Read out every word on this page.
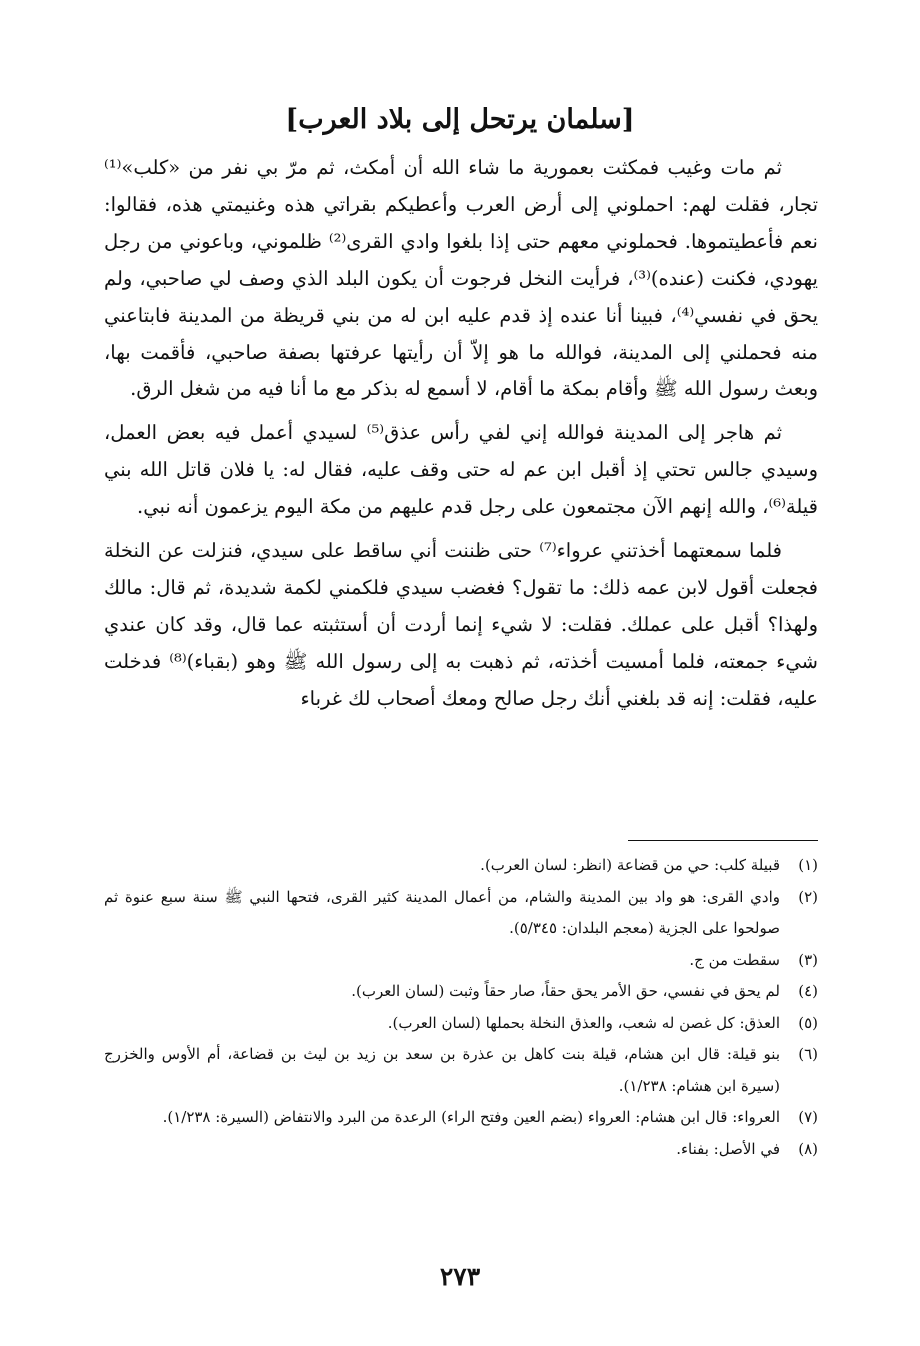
[سلمان يرتحل إلى بلاد العرب]

ثم مات وغيب فمكثت بعمورية ما شاء الله أن أمكث، ثم مرّ بي نفر من «كلب»⁽¹⁾ تجار، فقلت لهم: احملوني إلى أرض العرب وأعطيكم بقراتي هذه وغنيمتي هذه، فقالوا: نعم فأعطيتموها. فحملوني معهم حتى إذا بلغوا وادي القرى⁽²⁾ ظلموني، وباعوني من رجل يهودي، فكنت (عنده)⁽³⁾، فرأيت النخل فرجوت أن يكون البلد الذي وصف لي صاحبي، ولم يحق في نفسي⁽⁴⁾، فبينا أنا عنده إذ قدم عليه ابن له من بني قريظة من المدينة فابتاعني منه فحملني إلى المدينة، فوالله ما هو إلاّ أن رأيتها عرفتها بصفة صاحبي، فأقمت بها، وبعث رسول الله ﷺ وأقام بمكة ما أقام، لا أسمع له بذكر مع ما أنا فيه من شغل الرق.

ثم هاجر إلى المدينة فوالله إني لفي رأس عذق⁽⁵⁾ لسيدي أعمل فيه بعض العمل، وسيدي جالس تحتي إذ أقبل ابن عم له حتى وقف عليه، فقال له: يا فلان قاتل الله بني قيلة⁽⁶⁾، والله إنهم الآن مجتمعون على رجل قدم عليهم من مكة اليوم يزعمون أنه نبي.

فلما سمعتهما أخذتني عرواء⁽⁷⁾ حتى ظننت أني ساقط على سيدي، فنزلت عن النخلة فجعلت أقول لابن عمه ذلك: ما تقول؟ فغضب سيدي فلكمني لكمة شديدة، ثم قال: مالك ولهذا؟ أقبل على عملك. فقلت: لا شيء إنما أردت أن أستثبته عما قال، وقد كان عندي شيء جمعته، فلما أمسيت أخذته، ثم ذهبت به إلى رسول الله ﷺ وهو (بقباء)⁽⁸⁾ فدخلت عليه، فقلت: إنه قد بلغني أنك رجل صالح ومعك أصحاب لك غرباء

(١)
قبيلة كلب: حي من قضاعة (انظر: لسان العرب).
(٢)
وادي القرى: هو واد بين المدينة والشام، من أعمال المدينة كثير القرى، فتحها النبي ﷺ سنة سبع عنوة ثم صولحوا على الجزية (معجم البلدان: ٥/٣٤٥).
(٣)
سقطت من ج.
(٤)
لم يحق في نفسي، حق الأمر يحق حقاً، صار حقاً وثبت (لسان العرب).
(٥)
العذق: كل غصن له شعب، والعذق النخلة بحملها (لسان العرب).
(٦)
بنو قيلة: قال ابن هشام، قيلة بنت كاهل بن عذرة بن سعد بن زيد بن ليث بن قضاعة، أم الأوس والخزرج (سيرة ابن هشام: ١/٢٣٨).
(٧)
العرواء: قال ابن هشام: العرواء (بضم العين وفتح الراء) الرعدة من البرد والانتفاض (السيرة: ١/٢٣٨).
(٨)
في الأصل: بفناء.
٢٧٣
